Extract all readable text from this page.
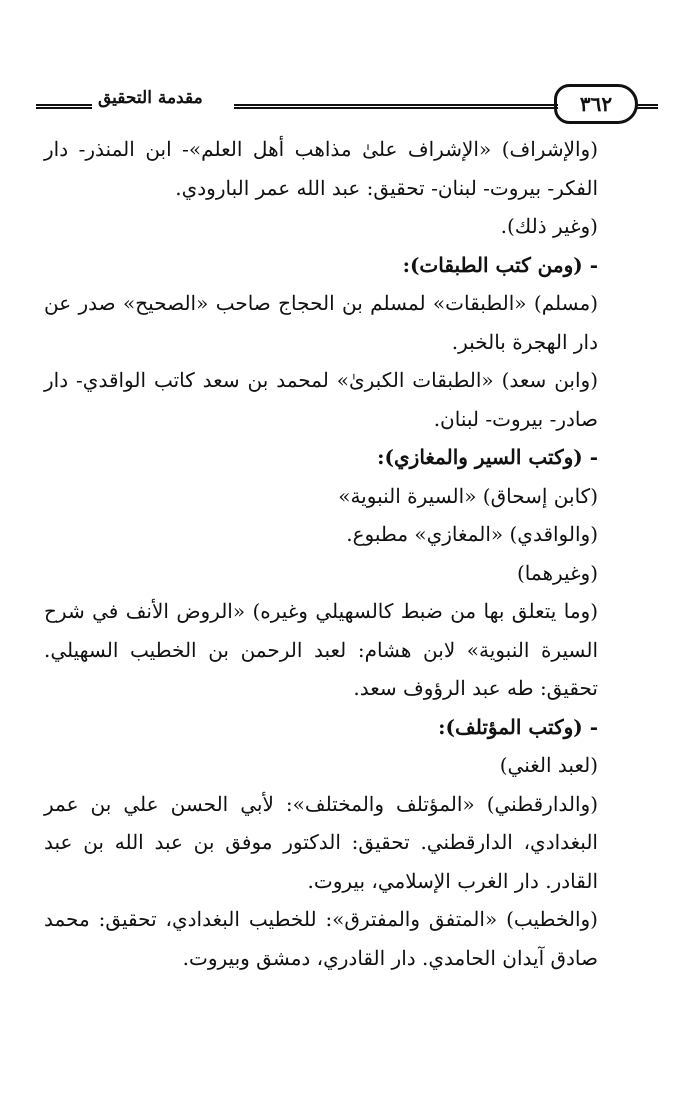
مقدمة التحقيق	٣٦٢

(والإشراف) «الإشراف علىٰ مذاهب أهل العلم»- ابن المنذر- دار الفكر- بيروت- لبنان- تحقيق: عبد الله عمر البارودي.

(وغير ذلك).

- (ومن كتب الطبقات):

(مسلم) «الطبقات» لمسلم بن الحجاج صاحب «الصحيح» صدر عن دار الهجرة بالخبر.

(وابن سعد) «الطبقات الكبرىٰ» لمحمد بن سعد كاتب الواقدي- دار صادر- بيروت- لبنان.

- (وكتب السير والمغازي):

(كابن إسحاق) «السيرة النبوية»

(والواقدي) «المغازي» مطبوع.

(وغيرهما)

(وما يتعلق بها من ضبط كالسهيلي وغيره) «الروض الأنف في شرح السيرة النبوية» لابن هشام: لعبد الرحمن بن الخطيب السهيلي. تحقيق: طه عبد الرؤوف سعد.

- (وكتب المؤتلف):

(لعبد الغني)

(والدارقطني) «المؤتلف والمختلف»: لأبي الحسن علي بن عمر البغدادي، الدارقطني. تحقيق: الدكتور موفق بن عبد الله بن عبد القادر. دار الغرب الإسلامي، بيروت.

(والخطيب) «المتفق والمفترق»: للخطيب البغدادي، تحقيق: محمد صادق آيدان الحامدي. دار القادري، دمشق وبيروت.
